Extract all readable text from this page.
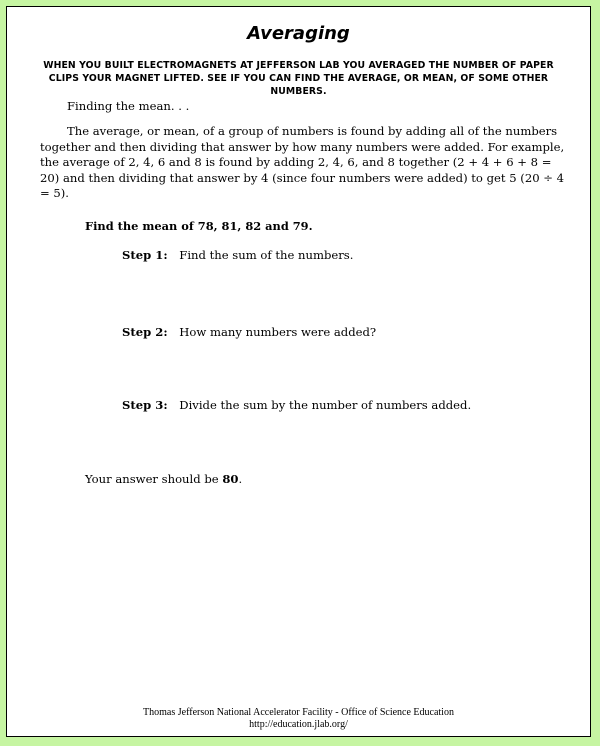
Averaging
WHEN YOU BUILT ELECTROMAGNETS AT JEFFERSON LAB YOU AVERAGED THE NUMBER OF PAPER CLIPS YOUR MAGNET LIFTED. SEE IF YOU CAN FIND THE AVERAGE, OR MEAN, OF SOME OTHER NUMBERS.
Finding the mean. . .
The average, or mean, of a group of numbers is found by adding all of the numbers together and then dividing that answer by how many numbers were added. For example, the average of 2, 4, 6 and 8 is found by adding 2, 4, 6, and 8 together (2 + 4 + 6 + 8 = 20) and then dividing that answer by 4 (since four numbers were added) to get 5 (20 ÷ 4 = 5).
Find the mean of 78, 81, 82 and 79.
Step 1: Find the sum of the numbers.
Step 2: How many numbers were added?
Step 3: Divide the sum by the number of numbers added.
Your answer should be 80.
Thomas Jefferson National Accelerator Facility - Office of Science Education
http://education.jlab.org/
